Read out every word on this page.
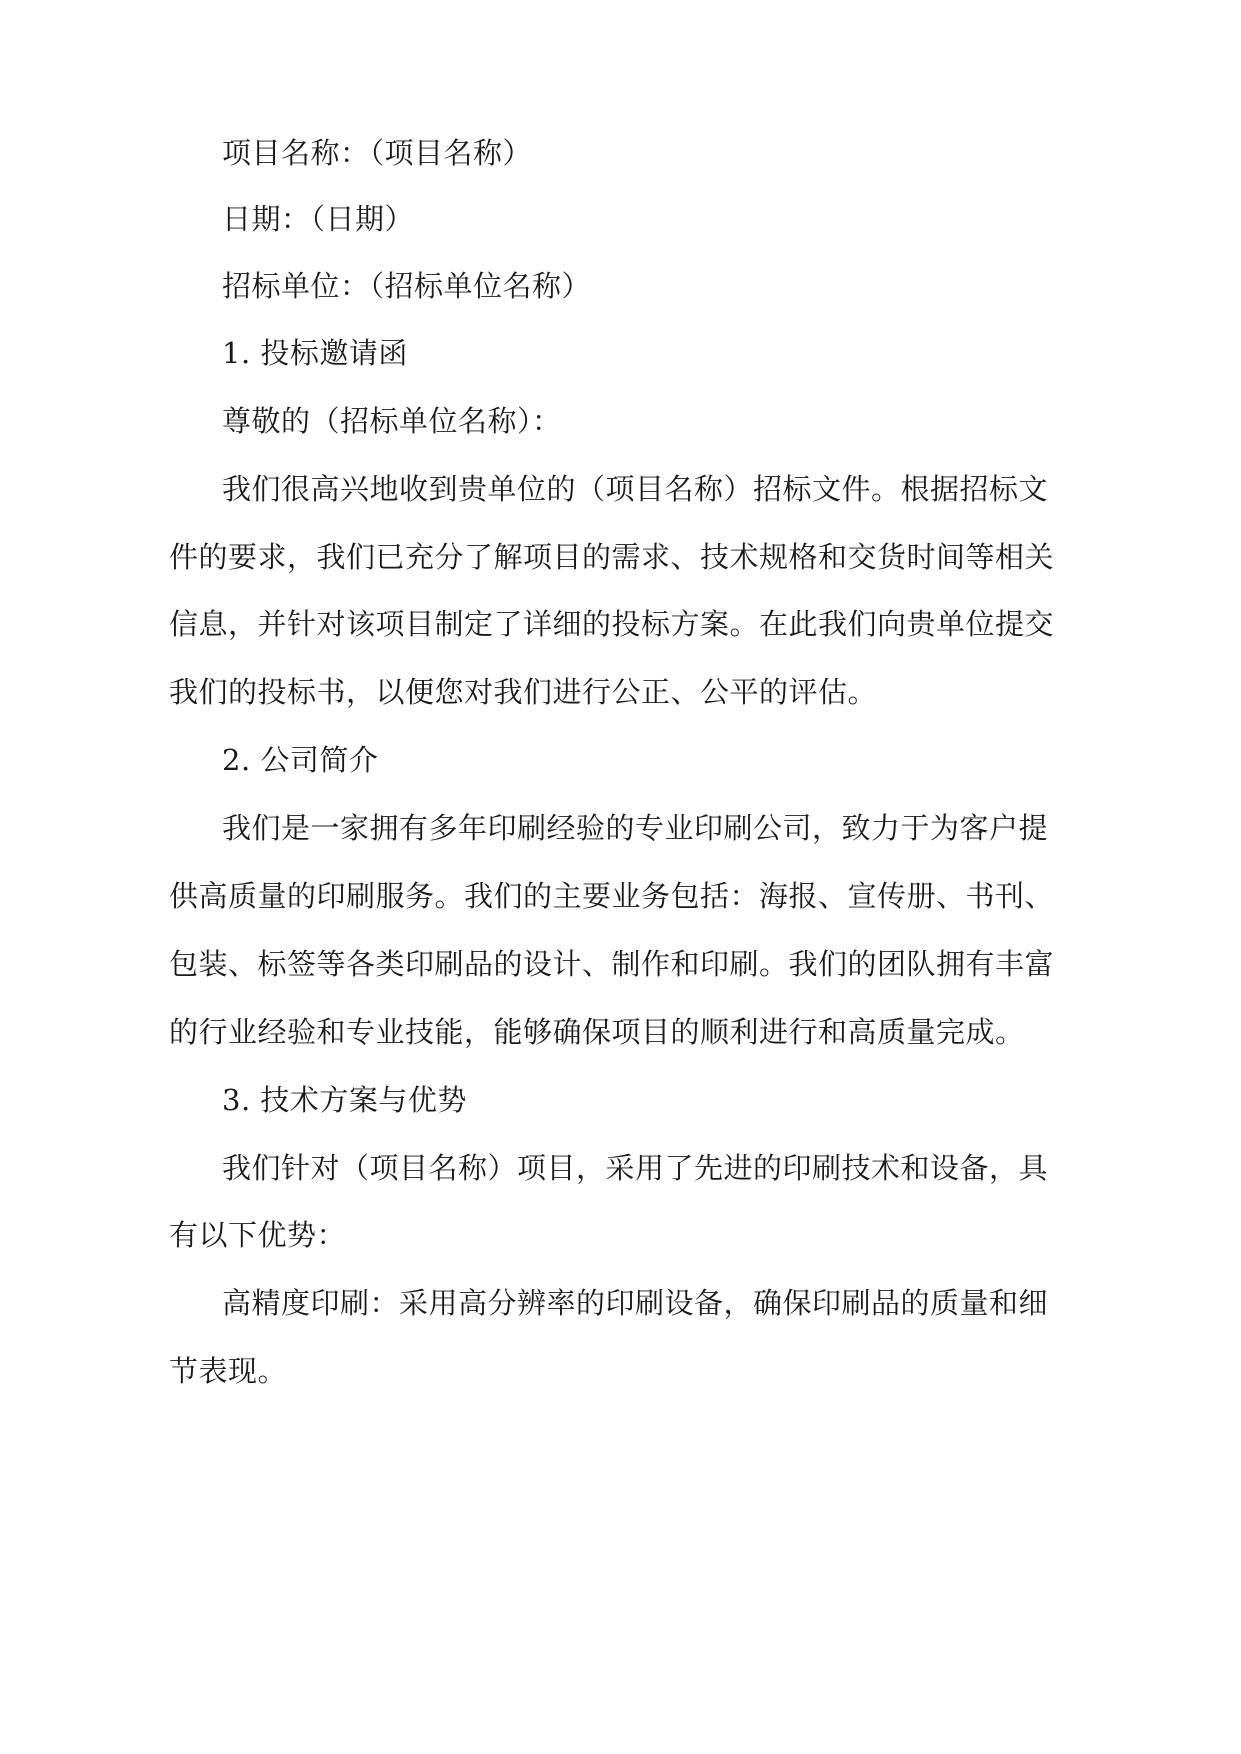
项目名称：（项目名称）
日期：（日期）
招标单位：（招标单位名称）
1. 投标邀请函
尊敬的（招标单位名称）：
我们很高兴地收到贵单位的（项目名称）招标文件。根据招标文
件的要求，我们已充分了解项目的需求、技术规格和交货时间等相关
信息，并针对该项目制定了详细的投标方案。在此我们向贵单位提交
我们的投标书，以便您对我们进行公正、公平的评估。
2. 公司简介
我们是一家拥有多年印刷经验的专业印刷公司，致力于为客户提
供高质量的印刷服务。我们的主要业务包括：海报、宣传册、书刊、
包装、标签等各类印刷品的设计、制作和印刷。我们的团队拥有丰富
的行业经验和专业技能，能够确保项目的顺利进行和高质量完成。
3. 技术方案与优势
我们针对（项目名称）项目，采用了先进的印刷技术和设备，具
有以下优势：
高精度印刷：采用高分辨率的印刷设备，确保印刷品的质量和细
节表现。
